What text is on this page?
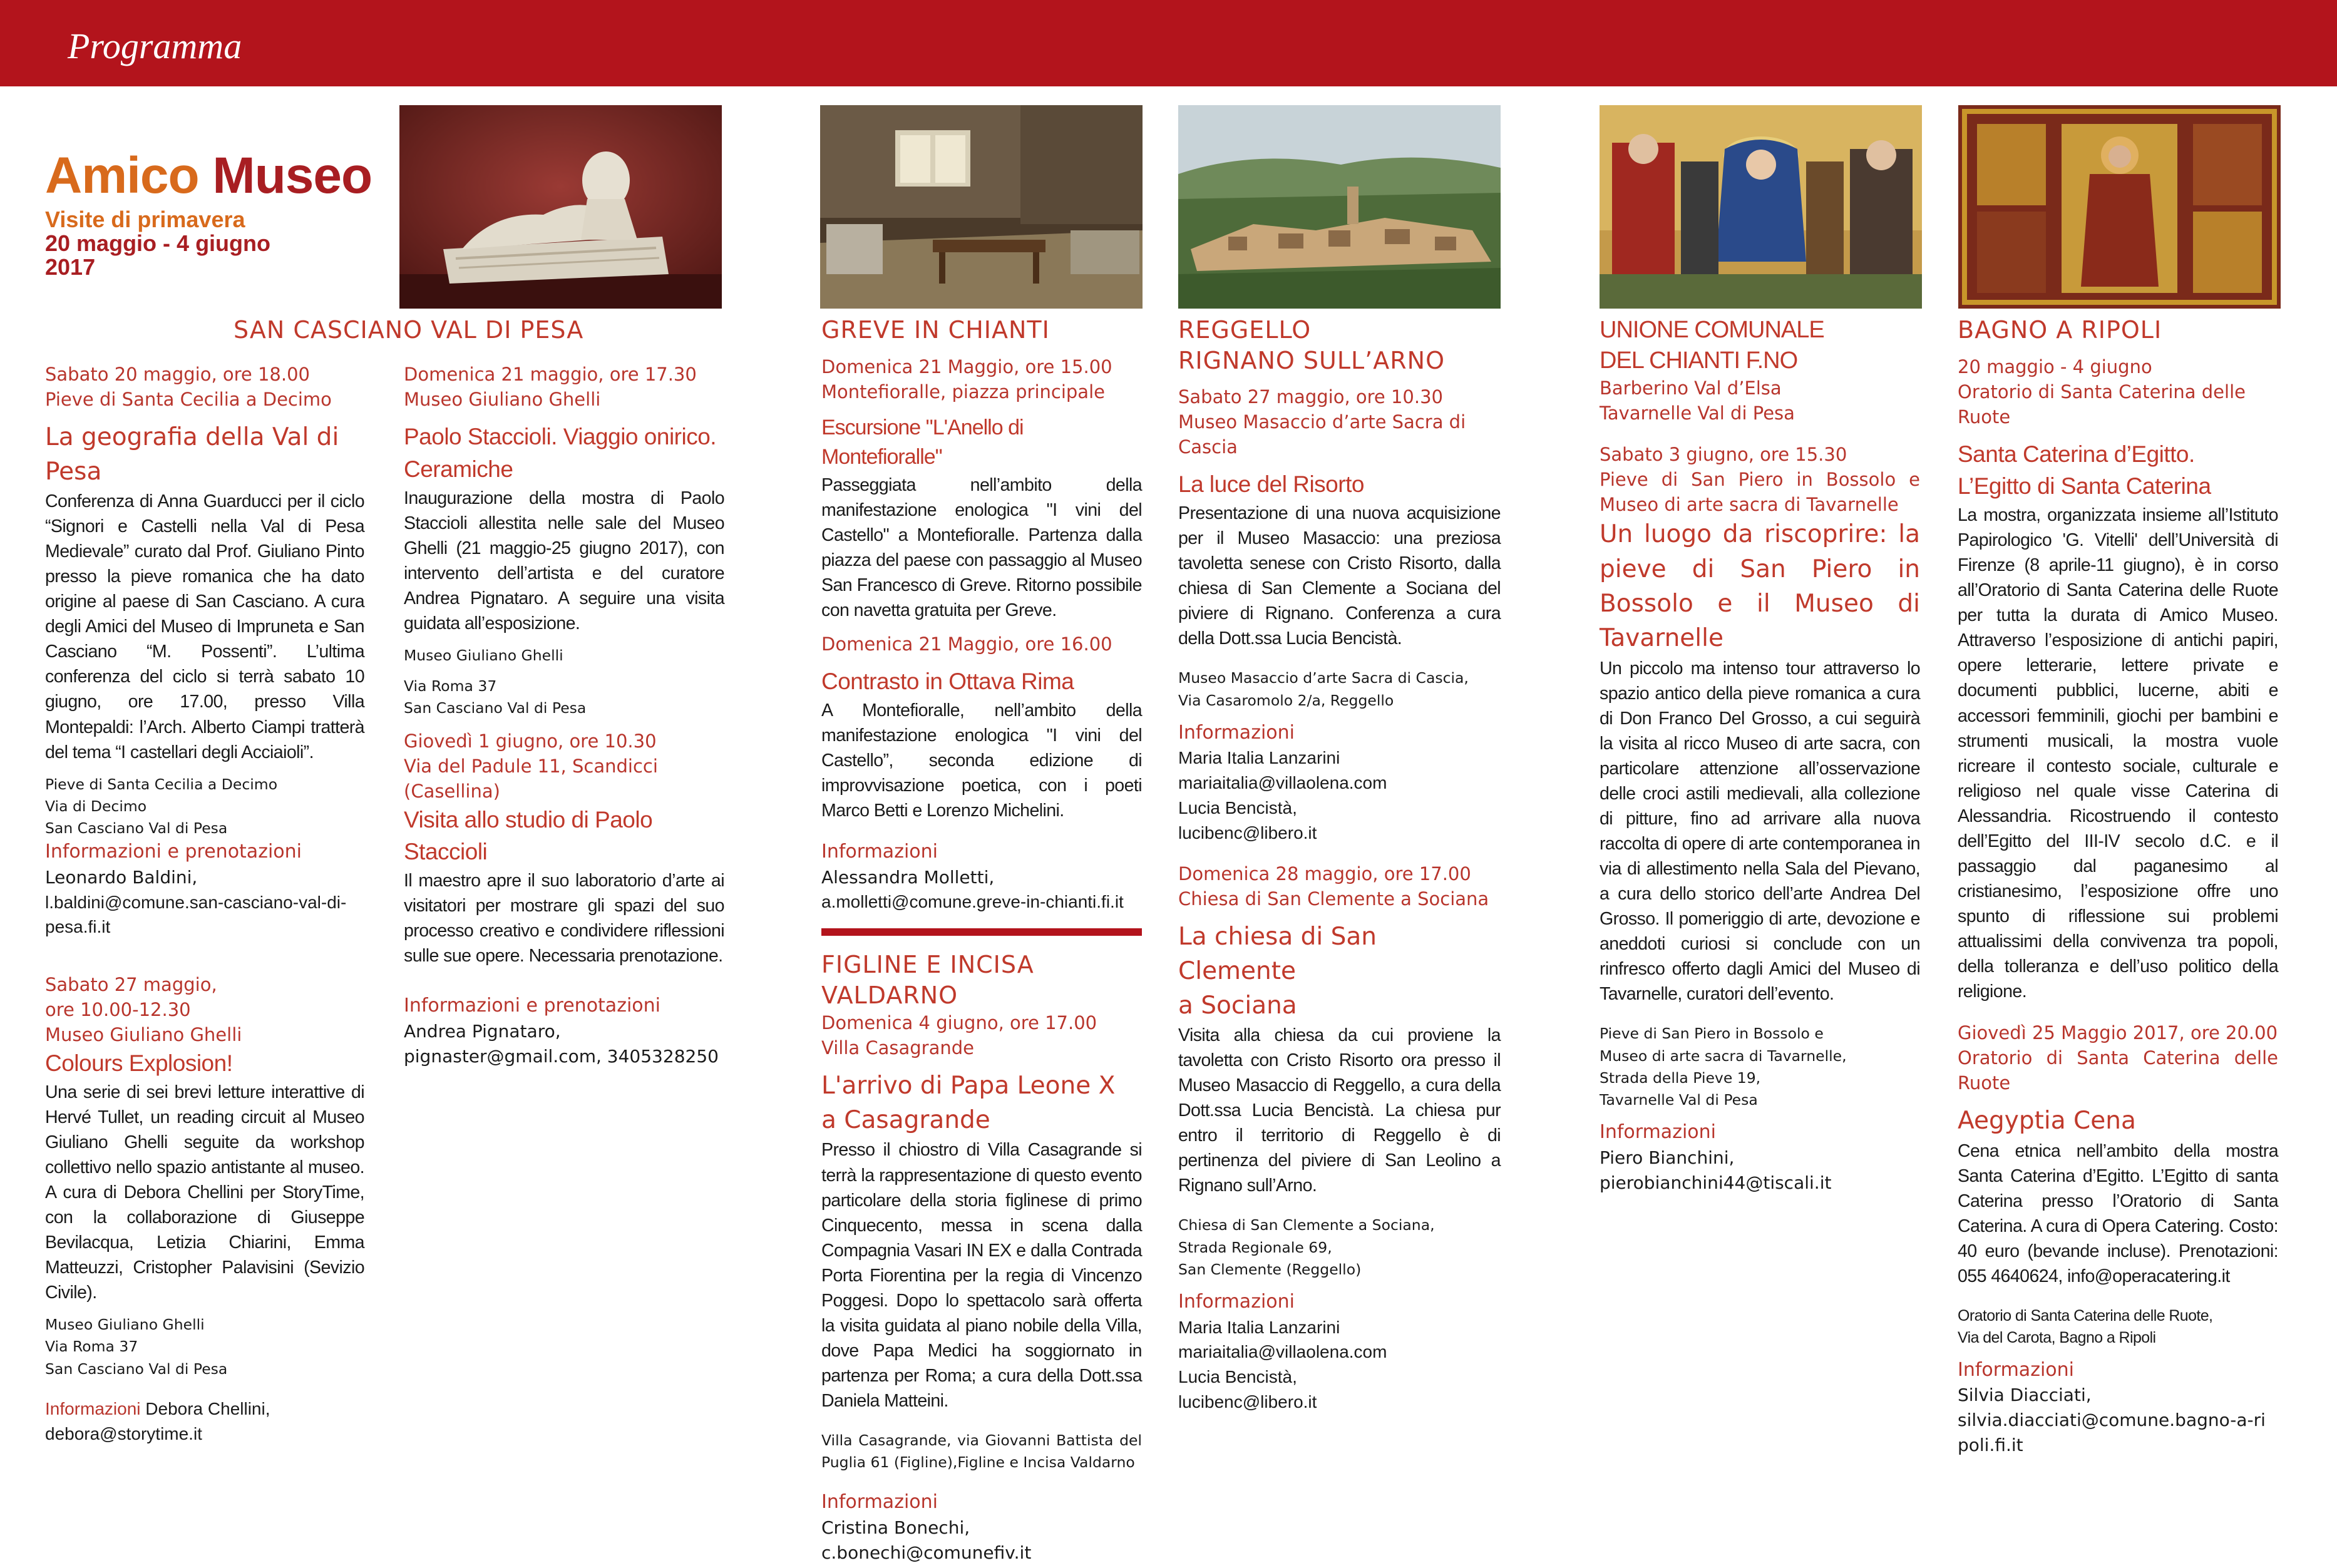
Programma
Amico Museo
Visite di primavera
20 maggio - 4 giugno
2017
SAN CASCIANO VAL DI PESA
Sabato 20 maggio, ore 18.00
Pieve di Santa Cecilia a Decimo
La geografia della Val di
Pesa
Conferenza di Anna Guarducci per il ciclo “Signori e Castelli nella Val di Pesa Medievale” curato dal Prof. Giuliano Pinto presso la pieve romanica che ha dato origine al paese di San Casciano. A cura degli Amici del Museo di Impruneta e San Casciano “M. Possenti”. L’ultima conferenza del ciclo si terrà sabato 10 giugno, ore 17.00, presso Villa Montepaldi: l’Arch. Alberto Ciampi tratterà del tema “I castellari degli Acciaioli”.
Pieve di Santa Cecilia a Decimo
Via di Decimo
San Casciano Val di Pesa
Informazioni e prenotazioni
Leonardo Baldini,
l.baldini@comune.san-casciano-val-di-pesa.fi.it
Sabato 27 maggio,
ore 10.00-12.30
Museo Giuliano Ghelli
Colours Explosion!
Una serie di sei brevi letture interattive di Hervé Tullet, un reading circuit al Museo Giuliano Ghelli seguite da workshop collettivo nello spazio antistante al museo. A cura di Debora Chellini per StoryTime, con la collaborazione di Giuseppe Bevilacqua, Letizia Chiarini, Emma Matteuzzi, Cristopher Palavisini (Sevizio Civile).
Museo Giuliano Ghelli
Via Roma 37
San Casciano Val di Pesa
Informazioni Debora Chellini,
debora@storytime.it
Domenica 21 maggio, ore 17.30
Museo Giuliano Ghelli
Paolo Staccioli. Viaggio onirico.
Ceramiche
Inaugurazione della mostra di Paolo Staccioli allestita nelle sale del Museo Ghelli (21 maggio-25 giugno 2017), con intervento dell’artista e del curatore Andrea Pignataro. A seguire una visita guidata all’esposizione.
Museo Giuliano Ghelli
Via Roma 37
San Casciano Val di Pesa
Giovedì 1 giugno, ore 10.30
Via del Padule 11, Scandicci
(Casellina)
Visita allo studio di Paolo
Staccioli
Il maestro apre il suo laboratorio d’arte ai visitatori per mostrare gli spazi del suo processo creativo e condividere riflessioni sulle sue opere. Necessaria prenotazione.
Informazioni e prenotazioni
Andrea Pignataro,
pignaster@gmail.com, 3405328250
GREVE IN CHIANTI
Domenica 21 Maggio, ore 15.00
Montefioralle, piazza principale
Escursione "L'Anello di Montefioralle"
Passeggiata nell’ambito della manifestazione enologica "I vini del Castello" a Montefioralle. Partenza dalla piazza del paese con passaggio al Museo San Francesco di Greve. Ritorno possibile con navetta gratuita per Greve.
Domenica 21 Maggio, ore 16.00
Contrasto in Ottava Rima
A Montefioralle, nell’ambito della manifestazione enologica "I vini del Castello”, seconda edizione di improvvisazione poetica, con i poeti Marco Betti e Lorenzo Michelini.
Informazioni
Alessandra Molletti,
a.molletti@comune.greve-in-chianti.fi.it
FIGLINE E INCISA VALDARNO
Domenica 4 giugno, ore 17.00
Villa Casagrande
L'arrivo di Papa Leone X
a Casagrande
Presso il chiostro di Villa Casagrande si terrà la rappresentazione di questo evento particolare della storia figlinese di primo Cinquecento, messa in scena dalla Compagnia Vasari IN EX e dalla Contrada Porta Fiorentina per la regia di Vincenzo Poggesi. Dopo lo spettacolo sarà offerta la visita guidata al piano nobile della Villa, dove Papa Medici ha soggiornato in partenza per Roma; a cura della Dott.ssa Daniela Matteini.
Villa Casagrande, via Giovanni Battista del Puglia 61 (Figline),Figline e Incisa Valdarno
Informazioni
Cristina Bonechi,
c.bonechi@comunefiv.it
REGGELLO
RIGNANO SULL’ARNO
Sabato 27 maggio, ore 10.30
Museo Masaccio d’arte Sacra di Cascia
La luce del Risorto
Presentazione di una nuova acquisizione per il Museo Masaccio: una preziosa tavoletta senese con Cristo Risorto, dalla chiesa di San Clemente a Sociana del piviere di Rignano. Conferenza a cura della Dott.ssa Lucia Bencistà.
Museo Masaccio d’arte Sacra di Cascia,
Via Casaromolo 2/a, Reggello
Informazioni
Maria Italia Lanzarini
mariaitalia@villaolena.com
Lucia Bencistà,
lucibenc@libero.it
Domenica 28 maggio, ore 17.00
Chiesa di San Clemente a Sociana
La chiesa di San Clemente
a Sociana
Visita alla chiesa da cui proviene la tavoletta con Cristo Risorto ora presso il Museo Masaccio di Reggello, a cura della Dott.ssa Lucia Bencistà. La chiesa pur entro il territorio di Reggello è di pertinenza del piviere di San Leolino a Rignano sull’Arno.
Chiesa di San Clemente a Sociana,
Strada Regionale 69,
San Clemente (Reggello)
Informazioni
Maria Italia Lanzarini
mariaitalia@villaolena.com
Lucia Bencistà,
lucibenc@libero.it
UNIONE COMUNALE
DEL CHIANTI F.NO
Barberino Val d’Elsa
Tavarnelle Val di Pesa
Sabato 3 giugno, ore 15.30
Pieve di San Piero in Bossolo e Museo di arte sacra di Tavarnelle
Un luogo da riscoprire: la pieve di San Piero in Bossolo e il Museo di Tavarnelle
Un piccolo ma intenso tour attraverso lo spazio antico della pieve romanica a cura di Don Franco Del Grosso, a cui seguirà la visita al ricco Museo di arte sacra, con particolare attenzione all’osservazione delle croci astili medievali, alla collezione di pitture, fino ad arrivare alla nuova raccolta di opere di arte contemporanea in via di allestimento nella Sala del Pievano, a cura dello storico dell’arte Andrea Del Grosso. Il pomeriggio di arte, devozione e aneddoti curiosi si conclude con un rinfresco offerto dagli Amici del Museo di Tavarnelle, curatori dell’evento.
Pieve di San Piero in Bossolo e
Museo di arte sacra di Tavarnelle,
Strada della Pieve 19,
Tavarnelle Val di Pesa
Informazioni
Piero Bianchini,
pierobianchini44@tiscali.it
BAGNO A RIPOLI
20 maggio - 4 giugno
Oratorio di Santa Caterina delle Ruote
Santa Caterina d’Egitto.
L’Egitto di Santa Caterina
La mostra, organizzata insieme all’Istituto Papirologico 'G. Vitelli' dell’Università di Firenze (8 aprile-11 giugno), è in corso all’Oratorio di Santa Caterina delle Ruote per tutta la durata di Amico Museo. Attraverso l’esposizione di antichi papiri, opere letterarie, lettere private e documenti pubblici, lucerne, abiti e accessori femminili, giochi per bambini e strumenti musicali, la mostra vuole ricreare il contesto sociale, culturale e religioso nel quale visse Caterina di Alessandria. Ricostruendo il contesto dell’Egitto del III-IV secolo d.C. e il passaggio dal paganesimo al cristianesimo, l’esposizione offre uno spunto di riflessione sui problemi attualissimi della convivenza tra popoli, della tolleranza e dell’uso politico della religione.
Giovedì 25 Maggio 2017, ore 20.00
Oratorio di Santa Caterina delle Ruote
Aegyptia Cena
Cena etnica nell’ambito della mostra Santa Caterina d’Egitto. L’Egitto di santa Caterina presso l’Oratorio di Santa Caterina. A cura di Opera Catering. Costo: 40 euro (bevande incluse). Prenotazioni: 055 4640624, info@operacatering.it
Oratorio di Santa Caterina delle Ruote,
Via del Carota, Bagno a Ripoli
Informazioni
Silvia Diacciati,
silvia.diacciati@comune.bagno-a-ri
poli.fi.it
